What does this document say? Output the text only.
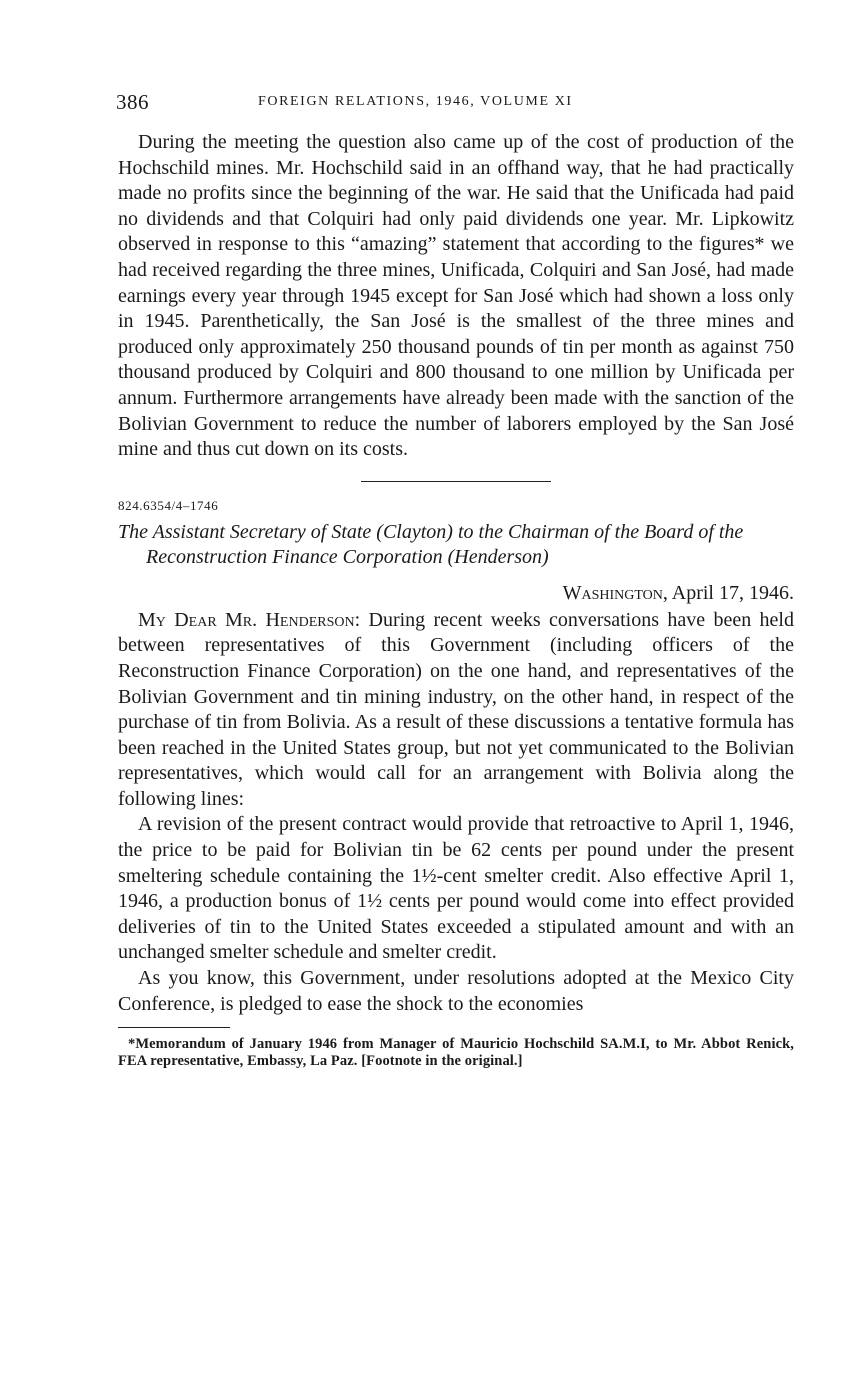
386	FOREIGN RELATIONS, 1946, VOLUME XI

During the meeting the question also came up of the cost of production of the Hochschild mines. Mr. Hochschild said in an offhand way, that he had practically made no profits since the beginning of the war. He said that the Unificada had paid no dividends and that Colquiri had only paid dividends one year. Mr. Lipkowitz observed in response to this “amazing” statement that according to the figures* we had received regarding the three mines, Unificada, Colquiri and San José, had made earnings every year through 1945 except for San José which had shown a loss only in 1945. Parenthetically, the San José is the smallest of the three mines and produced only approximately 250 thousand pounds of tin per month as against 750 thousand produced by Colquiri and 800 thousand to one million by Unificada per annum. Furthermore arrangements have already been made with the sanction of the Bolivian Government to reduce the number of laborers employed by the San José mine and thus cut down on its costs.

824.6354/4–1746

The Assistant Secretary of State (Clayton) to the Chairman of the Board of the Reconstruction Finance Corporation (Henderson)

Washington, April 17, 1946.

My Dear Mr. Henderson: During recent weeks conversations have been held between representatives of this Government (including officers of the Reconstruction Finance Corporation) on the one hand, and representatives of the Bolivian Government and tin mining industry, on the other hand, in respect of the purchase of tin from Bolivia. As a result of these discussions a tentative formula has been reached in the United States group, but not yet communicated to the Bolivian representatives, which would call for an arrangement with Bolivia along the following lines:

A revision of the present contract would provide that retroactive to April 1, 1946, the price to be paid for Bolivian tin be 62 cents per pound under the present smeltering schedule containing the 1½-cent smelter credit. Also effective April 1, 1946, a production bonus of 1½ cents per pound would come into effect provided deliveries of tin to the United States exceeded a stipulated amount and with an unchanged smelter schedule and smelter credit.

As you know, this Government, under resolutions adopted at the Mexico City Conference, is pledged to ease the shock to the economies

*Memorandum of January 1946 from Manager of Mauricio Hochschild SA.M.I, to Mr. Abbot Renick, FEA representative, Embassy, La Paz. [Footnote in the original.]
